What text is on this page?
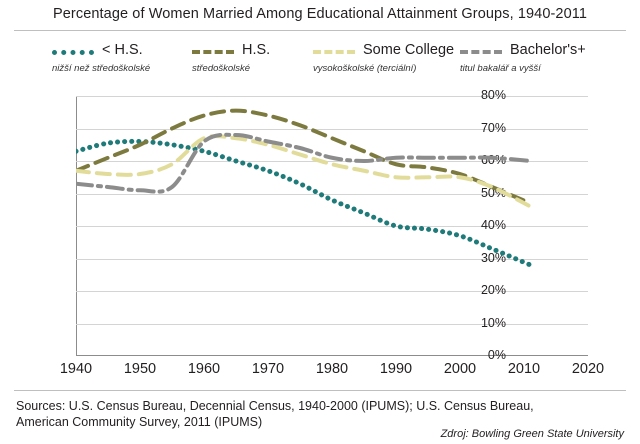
Percentage of Women Married Among Educational Attainment Groups, 1940-2011
< H.S.
nižší než středoškolské
H.S.
středoškolské
Some College
vysokoškolské (terciální)
Bachelor's+
titul bakalář a vyšší
0%
10%
20%
30%
40%
50%
60%
70%
80%
1940	1950	1960	1970	1980	1990	2000	2010	2020
Sources: U.S. Census Bureau, Decennial Census, 1940-2000 (IPUMS); U.S. Census Bureau,
American Community Survey, 2011 (IPUMS)
Zdroj: Bowling Green State University
